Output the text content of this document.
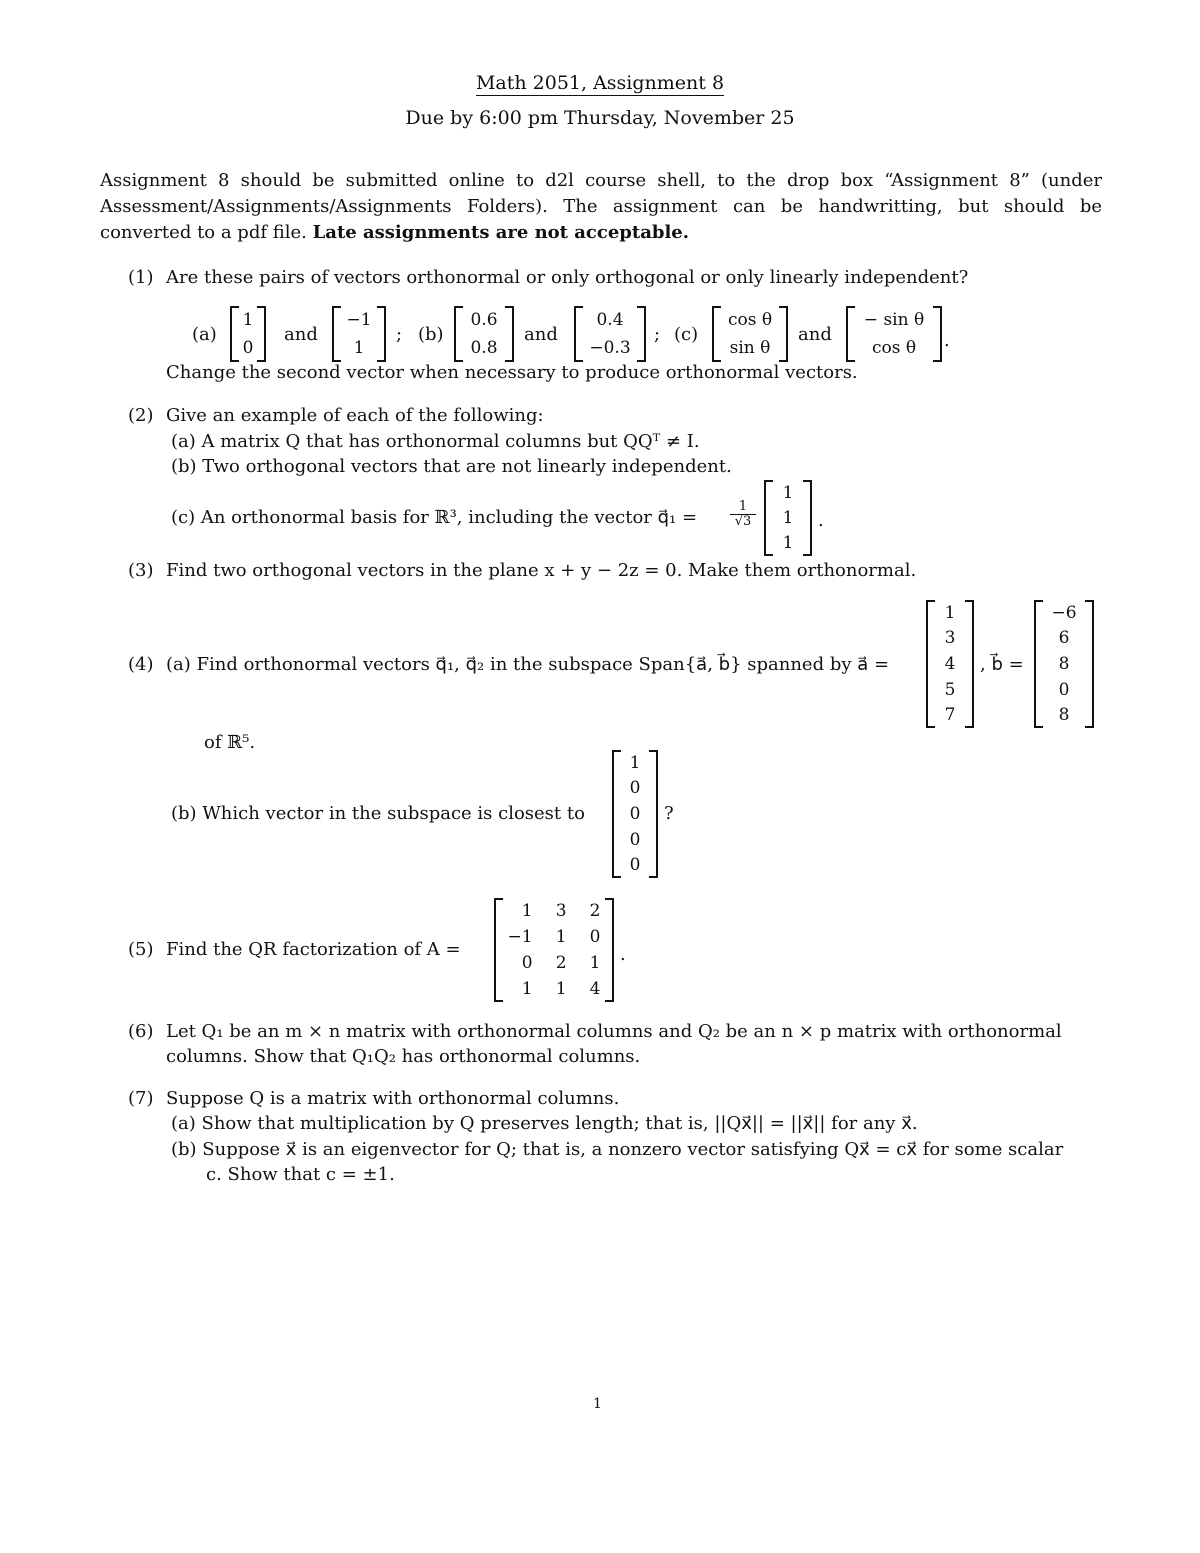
Math 2051, Assignment 8
Due by 6:00 pm Thursday, November 25
Assignment 8 should be submitted online to d2l course shell, to the drop box “Assignment 8” (under Assessment/Assignments/Assignments Folders). The assignment can be handwritting, but should be converted to a pdf file. Late assignments are not acceptable.
(1) Are these pairs of vectors orthonormal or only orthogonal or only linearly independent?
(a)
1
0
and
−1
1
; (b)
0.6
0.8
and
0.4
−0.3
; (c)
cos θ
sin θ
and
− sin θ
cos θ .
Change the second vector when necessary to produce orthonormal vectors.
(2) Give an example of each of the following:
(a) A matrix Q that has orthonormal columns but QQᵀ ≠ I.
(b) Two orthogonal vectors that are not linearly independent.
(c) An orthonormal basis for ℝ³, including the vector q⃗₁ =	$\frac{1}{√3}$
1
1
1
.
(3) Find two orthogonal vectors in the plane x + y − 2z = 0. Make them orthonormal.
(4) (a) Find orthonormal vectors q⃗₁, q⃗₂ in the subspace Span{a⃗, b⃗} spanned by a⃗ =
1
3
4
5
7
, b⃗ =
−6
6
8
0
8
of ℝ⁵.
(b) Which vector in the subspace is closest to
1
0
0
0
0
?
(5) Find the QR factorization of A =
1
−1
0
1
3
1
2
1
2
0
1
4
.
(6) Let Q₁ be an m × n matrix with orthonormal columns and Q₂ be an n × p matrix with orthonormal
columns. Show that Q₁Q₂ has orthonormal columns.
(7) Suppose Q is a matrix with orthonormal columns.
(a) Show that multiplication by Q preserves length; that is, ||Qx⃗|| = ||x⃗|| for any x⃗.
(b) Suppose x⃗ is an eigenvector for Q; that is, a nonzero vector satisfying Qx⃗ = cx⃗ for some scalar
c. Show that c = ±1.
1
